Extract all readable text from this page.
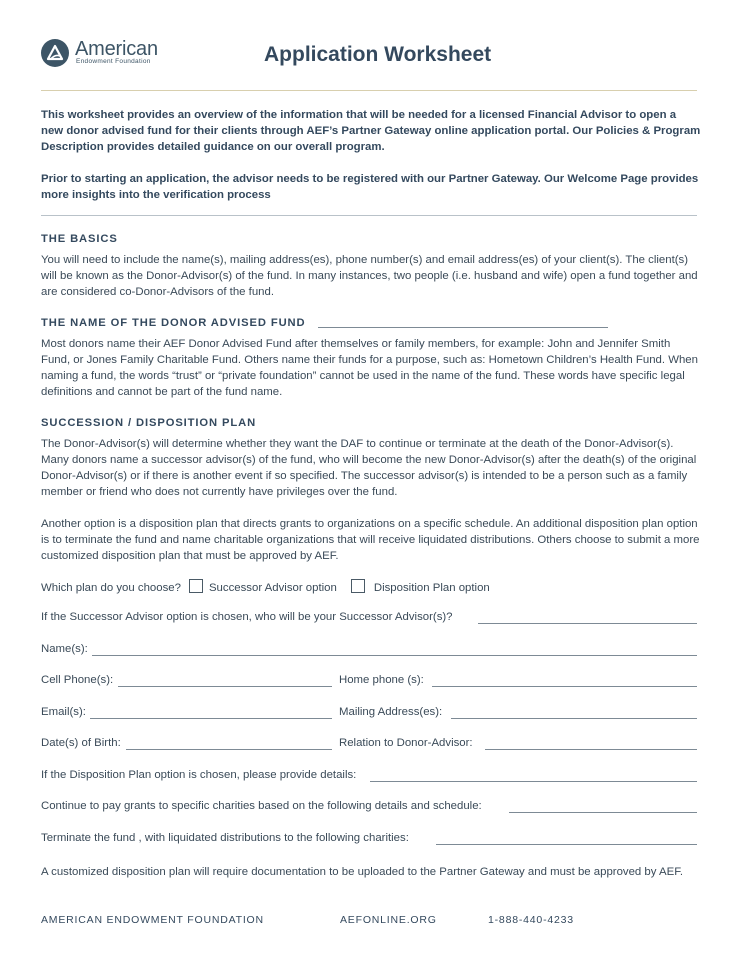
American
Endowment Foundation	Application Worksheet
This worksheet provides an overview of the information that will be needed for a licensed Financial Advisor to open a new donor advised fund for their clients through AEF’s Partner Gateway online application portal. Our Policies & Program Description provides detailed guidance on our overall program.
Prior to starting an application, the advisor needs to be registered with our Partner Gateway. Our Welcome Page provides more insights into the verification process
THE BASICS
You will need to include the name(s), mailing address(es), phone number(s) and email address(es) of your client(s). The client(s) will be known as the Donor-Advisor(s) of the fund. In many instances, two people (i.e. husband and wife) open a fund together and are considered co-Donor-Advisors of the fund.
THE NAME OF THE DONOR ADVISED FUND
Most donors name their AEF Donor Advised Fund after themselves or family members, for example: John and Jennifer Smith Fund, or Jones Family Charitable Fund. Others name their funds for a purpose, such as: Hometown Children’s Health Fund. When naming a fund, the words “trust” or “private foundation” cannot be used in the name of the fund. These words have specific legal definitions and cannot be part of the fund name.
SUCCESSION / DISPOSITION PLAN
The Donor-Advisor(s) will determine whether they want the DAF to continue or terminate at the death of the Donor-Advisor(s). Many donors name a successor advisor(s) of the fund, who will become the new Donor-Advisor(s) after the death(s) of the original Donor-Advisor(s) or if there is another event if so specified. The successor advisor(s) is intended to be a person such as a family member or friend who does not currently have privileges over the fund.
Another option is a disposition plan that directs grants to organizations on a specific schedule. An additional disposition plan option is to terminate the fund and name charitable organizations that will receive liquidated distributions. Others choose to submit a more customized disposition plan that must be approved by AEF.
Which plan do you choose? Successor Advisor option	Disposition Plan option
If the Successor Advisor option is chosen, who will be your Successor Advisor(s)?
Name(s):
Cell Phone(s):	Home phone (s):
Email(s):	Mailing Address(es):
Date(s) of Birth:	Relation to Donor-Advisor:
If the Disposition Plan option is chosen, please provide details:
Continue to pay grants to specific charities based on the following details and schedule:
Terminate the fund , with liquidated distributions to the following charities:
A customized disposition plan will require documentation to be uploaded to the Partner Gateway and must be approved by AEF.
AMERICAN ENDOWMENT FOUNDATION	AEFONLINE.ORG	1-888-440-4233
